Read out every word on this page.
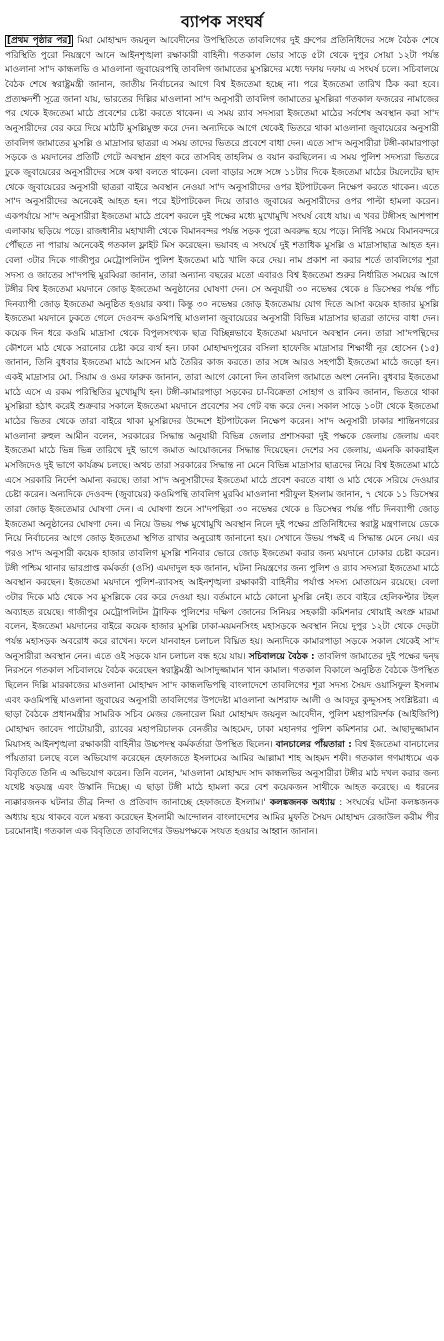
ব্যাপক সংঘর্ষ

[প্রথম পৃষ্ঠার পর] মিয়া মোহাম্মদ জয়নুল আবেদীনের উপস্থিতিতে তাবলিগের দুই গ্রুপের প্রতিনিধিদের সঙ্গে বৈঠক শেষে পরিস্থিতি পুরো নিয়ন্ত্রণে আনে আইনশৃঙ্খলা রক্ষাকারী বাহিনী। গতকাল ভোর সাড়ে ৫টা থেকে দুপুর সোয়া ১২টা পর্যন্ত মাওলানা সা'দ কান্ধলভি ও মাওলানা জুবায়েরপন্থি তাবলিগ জামাতের মুসল্লিদের মধ্যে দফায় দফায় এ সংঘর্ষ চলে। সচিবালয়ে বৈঠক শেষে স্বরাষ্ট্রমন্ত্রী জানান, জাতীয় নির্বাচনের আগে বিশ্ব ইজতেমা হচ্ছে না। পরে ইজতেমা তারিখ ঠিক করা হবে। প্রত্যক্ষদর্শী সূত্রে জানা যায়, ভারতের দিল্লির মাওলানা সা'দ অনুসারী তাবলিগ জামাতের মুসল্লিরা গতকাল ফজরের নামাজের পর থেকে ইজতেমা মাঠে প্রবেশের চেষ্টা করতে থাকেন। এ সময় র‌্যাব সদস্যরা ইজতেমা মাঠের সর্বশেষ অবস্থান করা সা'দ অনুসারীদের বের করে দিয়ে মাঠটি মুসল্লিমুক্ত করে দেন। অন্যদিকে আগে থেকেই ভিতরে থাকা মাওলানা জুবায়েরের অনুসারী তাবলিগ জামাতের মুসল্লি ও মাদ্রাসার ছাত্ররা এ সময় তাদের ভিতরে প্রবেশে বাধা দেন। এতে সা'দ অনুসারীরা টঙ্গী-কামারপাড়া সড়কে ও ময়দানের প্রতিটি গেটে অবস্থান গ্রহণ করে তাসবিহ তাহলিম ও বয়ান করছিলেন। এ সময় পুলিশ সদস্যরা ভিতরে ঢুকে জুবায়েরের অনুসারীদের সঙ্গে কথা বলতে থাকেন। বেলা বাড়ার সঙ্গে সঙ্গে ১১টার দিকে ইজতেমা মাঠের টয়লেটের ছাদ থেকে জুবায়েরের অনুসারী ছাত্ররা বাইরে অবস্থান নেওয়া সা'দ অনুসারীদের ওপর ইটপাটকেল নিক্ষেপ করতে থাকেন। এতে সা'দ অনুসারীদের অনেকেই আহত হন। পরে ইটপাটকেল দিয়ে তারাও জুবায়ের অনুসারীদের ওপর পাল্টা হামলা করেন। একপর্যায়ে সা'দ অনুসারীরা ইজতেমা মাঠে প্রবেশ করলে দুই পক্ষের মধ্যে মুখোমুখি সংঘর্ষ বেধে যায়। এ খবর টঙ্গীসহ আশপাশ এলাকায় ছড়িয়ে পড়ে। রাজধানীর মহাখালী থেকে বিমানবন্দর পর্যন্ত সড়ক পুরো অবরুদ্ধ হয়ে পড়ে। নির্দিষ্ট সময়ে বিমানবন্দরে পৌঁছতে না পারায় অনেকেই গতকাল ফ্লাইট মিস করেছেন। ভয়াবহ এ সংঘর্ষে দুই শতাধিক মুসল্লি ও মাদ্রাসাছাত্র আহত হন। বেলা ৩টার দিকে গাজীপুর মেট্রোপলিটন পুলিশ ইজতেমা মাঠ খালি করে দেয়। নাম প্রকাশ না করার শর্তে তাবলিগের শূরা সদস্য ও জাতের সা'দপন্থি মুরব্বিরা জানান, তারা অন্যান্য বছরের মতো এবারও বিশ্ব ইজতেমা শুরুর নির্ধারিত সময়ের আগে টঙ্গীর বিশ্ব ইজতেমা ময়দানে জোড় ইজতেমা অনুষ্ঠানের ঘোষণা দেন। সে অনুযায়ী ৩০ নভেম্বর থেকে ৪ ডিসেম্বর পর্যন্ত পাঁচ দিনব্যাপী জোড় ইজতেমা অনুষ্ঠিত হওয়ার কথা। কিন্তু ৩০ নভেম্বর জোড় ইজতেমায় যোগ দিতে আসা কয়েক হাজার মুসল্লি ইজতেমা ময়দানে ঢুকতে গেলে দেওবন্দ কওমিপন্থি মাওলানা জুবায়েরের অনুসারী বিভিন্ন মাদ্রাসার ছাত্ররা তাদের বাধা দেন। কয়েক দিন ধরে কওমি মাদ্রাসা থেকে বিপুলসংখ্যক ছাত্র বিচ্ছিন্নভাবে ইজতেমা ময়দানে অবস্থান নেন। তারা সা'দপন্থিদের কৌশলে মাঠ থেকে সরানোর চেষ্টা করে ব্যর্থ হন। ঢাকা মোহাম্মদপুরের বসিলা হাফেজি মাদ্রাসার শিক্ষার্থী নূর হোসেন (১৫) জানান, তিনি বুধবার ইজতেমা মাঠে আসেন মাঠ তৈরির কাজ করতে। তার সঙ্গে আরও সহপাঠী ইজতেমা মাঠে জড়ো হন। একই মাদ্রাসার মো. সিয়াম ও ওমর ফারুক জানান, তারা আগে কোনো দিন তাবলিগ জামাতে অংশ নেননি। বুধবার ইজতেমা মাঠে এসে এ রকম পরিস্থিতির মুখোমুখি হন। টঙ্গী-কামারপাড়া সড়কের চা-বিক্রেতা সোহাগ ও রাকিব জানান, ভিতরে থাকা মুসল্লিরা হঠাৎ করেই শুক্রবার সকালে ইজতেমা ময়দানে প্রবেশের সব গেট বন্ধ করে দেন। সকাল সাড়ে ১০টা থেকে ইজতেমা মাঠের ভিতর থেকে তারা বাইরে থাকা মুসল্লিদের উদ্দেশে ইটপাটকেল নিক্ষেপ করেন। সা'দ অনুসারী ঢাকার শান্তিনগরের মাওলানা রুহুল আমীন বলেন, সরকারের সিদ্ধান্ত অনুযায়ী বিভিন্ন জেলার প্রশাসকরা দুই পক্ষকে জেলায় জেলায় এবং ইজতেমা মাঠে ভিন্ন ভিন্ন তারিখে দুই ভাগে জমাত আয়োজনের সিদ্ধান্ত দিয়েছেন। দেশের সব জেলায়, এমনকি কাকরাইল মসজিদেও দুই ভাগে কার্যক্রম চলছে। অথচ তারা সরকারের সিদ্ধান্ত না মেনে বিভিন্ন মাদ্রাসার ছাত্রদের নিয়ে বিশ্ব ইজতেমা মাঠে এসে সরকারি নির্দেশ অমান্য করছে। তারা সা'দ অনুসারীদের ইজতেমা মাঠে প্রবেশ করতে বাধা ও মাঠ থেকে সরিয়ে দেওয়ার চেষ্টা করেন। অন্যদিকে দেওবন্দ (জুবায়ের) কওমিপন্থি তাবলিগ মুরব্বি মাওলানা শরীফুল ইসলাম জানান, ৭ থেকে ১১ ডিসেম্বর তারা জোড় ইজতেমার ঘোষণা দেন। এ ঘোষণা শুনে সা'দপন্থিরা ৩০ নভেম্বর থেকে ৪ ডিসেম্বর পর্যন্ত পাঁচ দিনব্যাপী জোড় ইজতেমা অনুষ্ঠানের ঘোষণা দেন। এ নিয়ে উভয় পক্ষ মুখোমুখি অবস্থান নিলে দুই পক্ষের প্রতিনিধিদের স্বরাষ্ট্র মন্ত্রণালয়ে ডেকে নিয়ে নির্বাচনের আগে জোড় ইজতেমা স্থগিত রাখার অনুরোধ জানানো হয়। সেখানে উভয় পক্ষই এ সিদ্ধান্ত মেনে নেয়। এর পরও সা'দ অনুসারী কয়েক হাজার তাবলিগ মুসল্লি শনিবার ভোরে জোড় ইজতেমা করার জন্য ময়দানে ঢোকার চেষ্টা করেন। টঙ্গী পশ্চিম থানার ভারপ্রাপ্ত কর্মকর্তা (ওসি) এমদাদুল হক জানান, ঘটনা নিয়ন্ত্রণের জন্য পুলিশ ও র‌্যাব সদস্যরা ইজতেমা মাঠে অবস্থান করছেন। ইজতেমা ময়দানে পুলিশ-র‌্যাবসহ আইনশৃঙ্খলা রক্ষাকারী বাহিনীর পর্যাপ্ত সদস্য মোতায়েন রয়েছে। বেলা ৩টার দিকে মাঠ থেকে সব মুসল্লিকে বের করে দেওয়া হয়। বর্তমানে মাঠে কোনো মুসল্লি নেই। তবে বাইরে হেলিকপ্টার টহল অব্যাহত রয়েছে। গাজীপুর মেট্রোপলিটন ট্রাফিক পুলিশের দক্ষিণ জোনের সিনিয়র সহকারী কমিশনার থোয়াই অংপ্রু মারমা বলেন, ইজতেমা ময়দানের বাইরে কয়েক হাজার মুসল্লি ঢাকা-ময়মনসিংহ মহাসড়কে অবস্থান নিয়ে দুপুর ১২টা থেকে দেড়টা পর্যন্ত মহাসড়ক অবরোধ করে রাখেন। ফলে যানবাহন চলাচল বিঘ্নিত হয়। অন্যদিকে কামারপাড়া সড়কে সকাল থেকেই সা'দ অনুসারীরা অবস্থান নেন। এতে ওই সড়কে যান চলাচল বন্ধ হয়ে যায়। সচিবালয়ে বৈঠক : তাবলিগ জামাতের দুই পক্ষের দ্বন্দ্ব নিরসনে গতকাল সচিবালয়ে বৈঠক করেছেন স্বরাষ্ট্রমন্ত্রী আসাদুজ্জামান খান কামাল। গতকাল বিকালে অনুষ্ঠিত বৈঠকে উপস্থিত ছিলেন দিল্লি মারকাজের মাওলানা মোহাম্মদ সা'দ কান্ধলভিপন্থি বাংলাদেশে তাবলিগের শূরা সদস্য সৈয়দ ওয়াসিফুল ইসলাম এবং কওমিপন্থি মাওলানা জুবায়ের অনুসারী তাবলিগের উপদেষ্টা মাওলানা আশরাফ আলী ও আবদুর কুদ্দুসসহ সংশ্লিষ্টরা। এ ছাড়া বৈঠকে প্রধানমন্ত্রীর সামরিক সচিব মেজর জেনারেল মিয়া মোহাম্মদ জয়নুল আবেদীন, পুলিশ মহাপরিদর্শক (আইজিপি) মোহাম্মদ জাবেদ পাটোয়ারী, র‌্যাবের মহাপরিচালক বেনজীর আহমেদ, ঢাকা মহানগর পুলিশ কমিশনার মো. আছাদুজ্জামান মিয়াসহ আইনশৃঙ্খলা রক্ষাকারী বাহিনীর উচ্চপদস্থ কর্মকর্তারা উপস্থিত ছিলেন। বানচালের পাঁয়তারা : বিশ্ব ইজতেমা বানচালের পাঁয়তারা চলছে বলে অভিযোগ করেছেন হেফাজতে ইসলামের আমির আল্লামা শাহ আহমদ শফী। গতকাল গণমাধ্যমে এক বিবৃতিতে তিনি এ অভিযোগ করেন। তিনি বলেন, 'মাওলানা মোহাম্মদ সাদ কান্ধলভির অনুসারীরা টঙ্গীর মাঠ দখল করার জন্য যথেষ্ট ষড়যন্ত্র এবং উস্কানি দিচ্ছে। এ ছাড়া টঙ্গী মাঠে হামলা করে বেশ কয়েকজন সাথীকে আহত করেছে। এ ধরনের ন্যক্কারজনক ঘটনার তীব্র নিন্দা ও প্রতিবাদ জানাচ্ছে হেফাজতে ইসলাম।' কলঙ্কজনক অধ্যায় : সংঘর্ষের ঘটনা কলঙ্কজনক অধ্যায় হয়ে থাকবে বলে মন্তব্য করেছেন ইসলামী আন্দোলন বাংলাদেশের আমির মুফতি সৈয়দ মোহাম্মদ রেজাউল করীম পীর চরমোনাই। গতকাল এক বিবৃতিতে তাবলিগের উভয়পক্ষকে সংযত হওয়ার আহ্বান জানান।
